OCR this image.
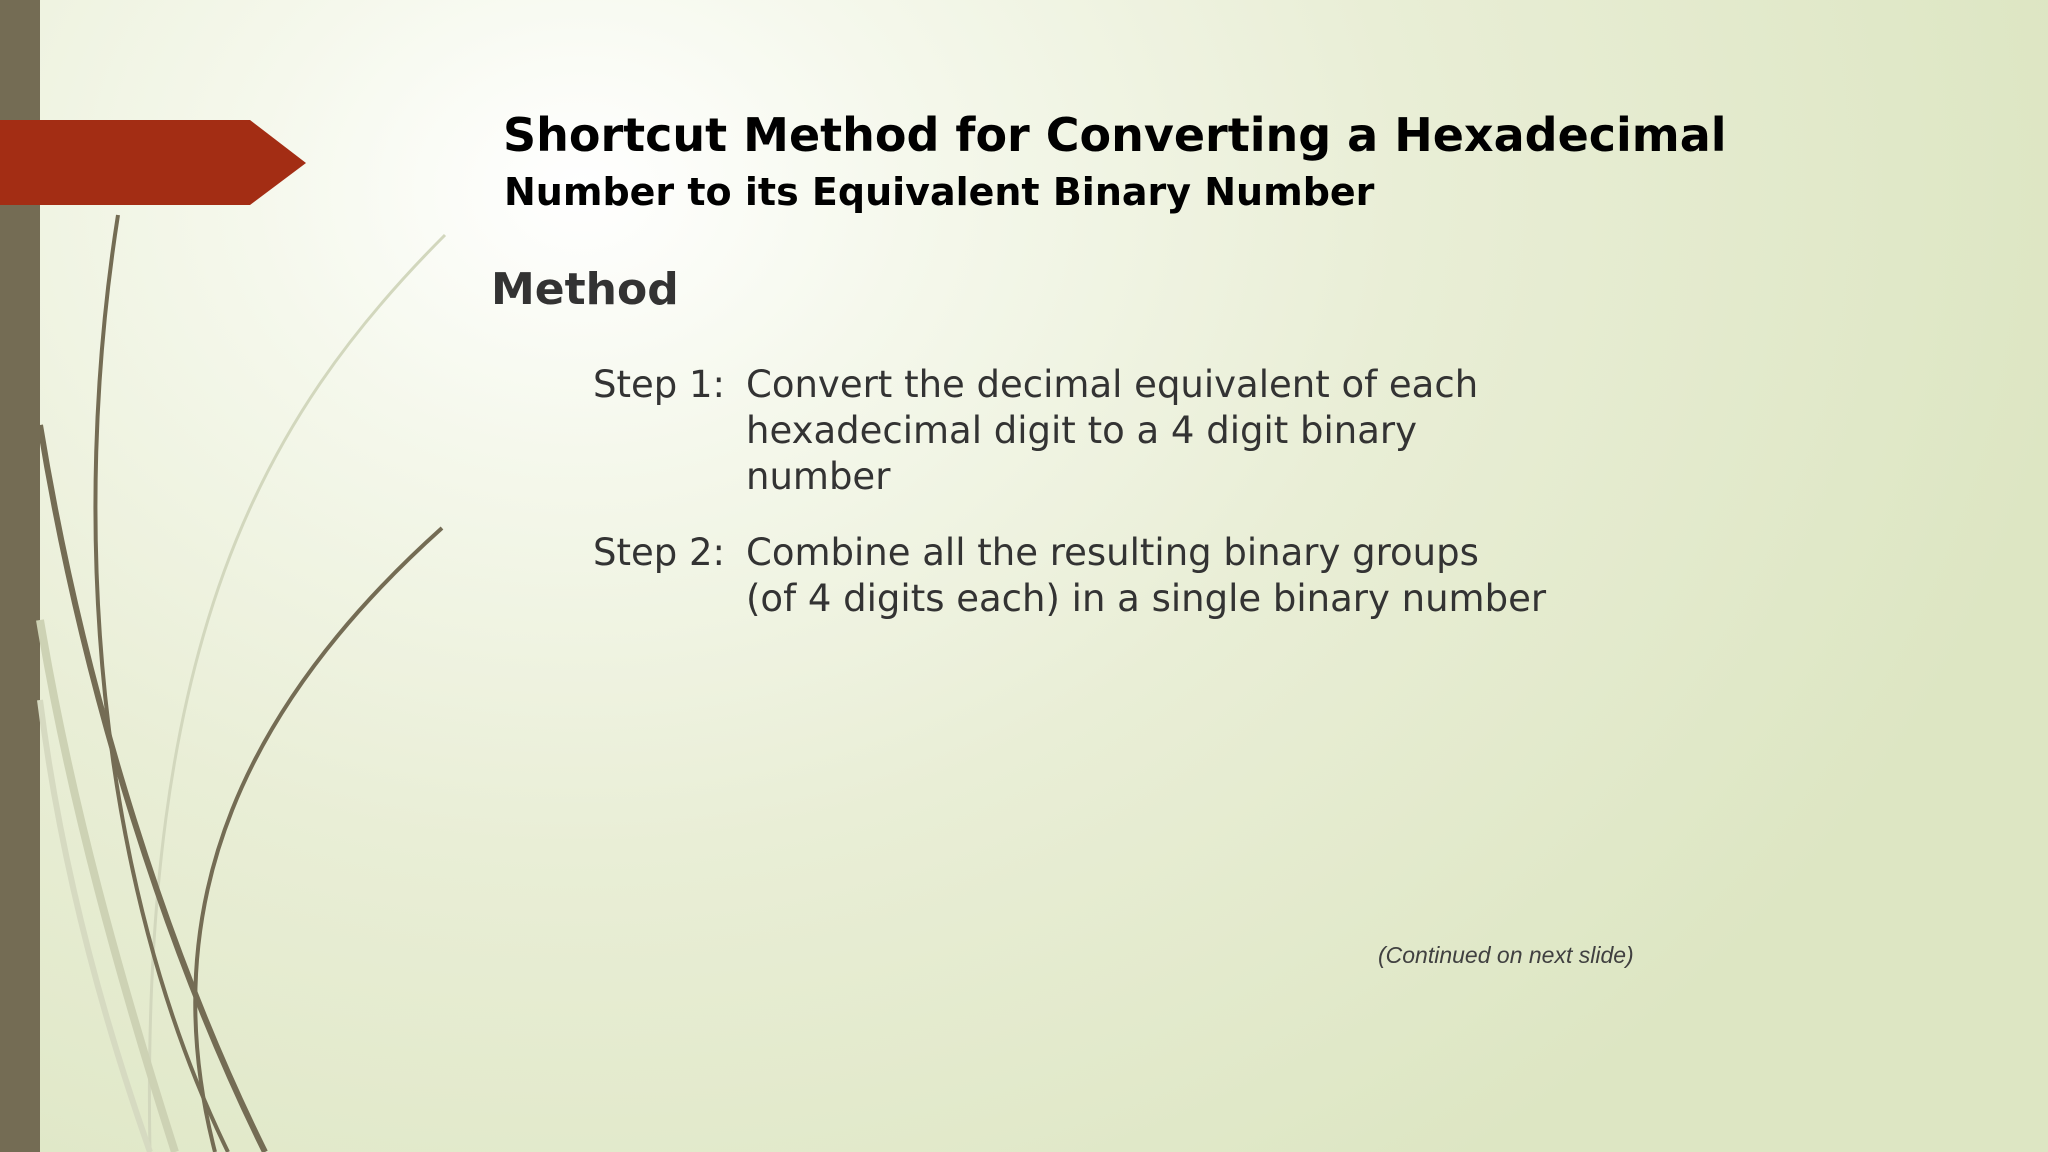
Shortcut Method for Converting a Hexadecimal
Number to its Equivalent Binary Number
Method
Step 1: Convert the decimal equivalent of each
hexadecimal digit to a 4 digit binary
number
Step 2: Combine all the resulting binary groups
(of 4 digits each) in a single binary number
(Continued on next slide)
